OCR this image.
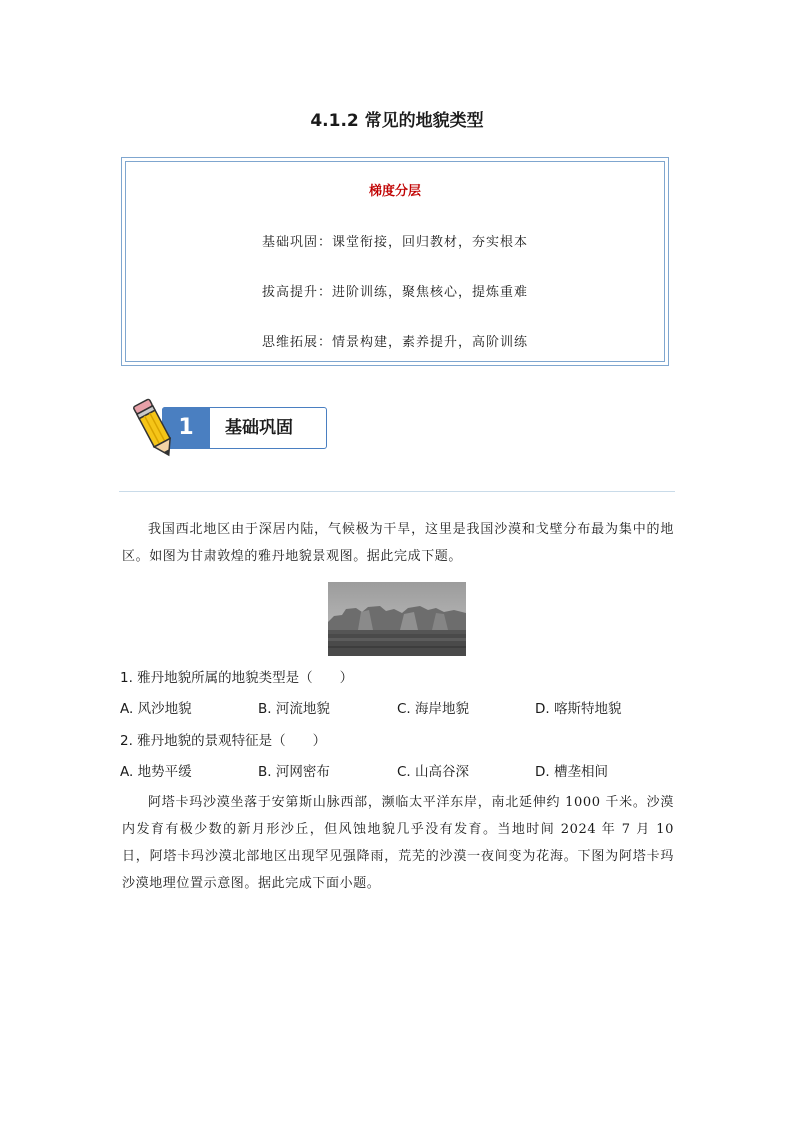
4.1.2 常见的地貌类型
梯度分层
基础巩固：课堂衔接，回归教材，夯实根本
拔高提升：进阶训练，聚焦核心，提炼重难
思维拓展：情景构建，素养提升，高阶训练
1	基础巩固
我国西北地区由于深居内陆，气候极为干旱，这里是我国沙漠和戈壁分布最为集中的地区。如图为甘肃敦煌的雅丹地貌景观图。据此完成下题。
1. 雅丹地貌所属的地貌类型是（　　）
A. 风沙地貌	B. 河流地貌	C. 海岸地貌	D. 喀斯特地貌
2. 雅丹地貌的景观特征是（　　）
A. 地势平缓	B. 河网密布	C. 山高谷深	D. 槽垄相间
阿塔卡玛沙漠坐落于安第斯山脉西部，濒临太平洋东岸，南北延伸约 1000 千米。沙漠内发育有极少数的新月形沙丘，但风蚀地貌几乎没有发育。当地时间 2024 年 7 月 10 日，阿塔卡玛沙漠北部地区出现罕见强降雨，荒芜的沙漠一夜间变为花海。下图为阿塔卡玛沙漠地理位置示意图。据此完成下面小题。
